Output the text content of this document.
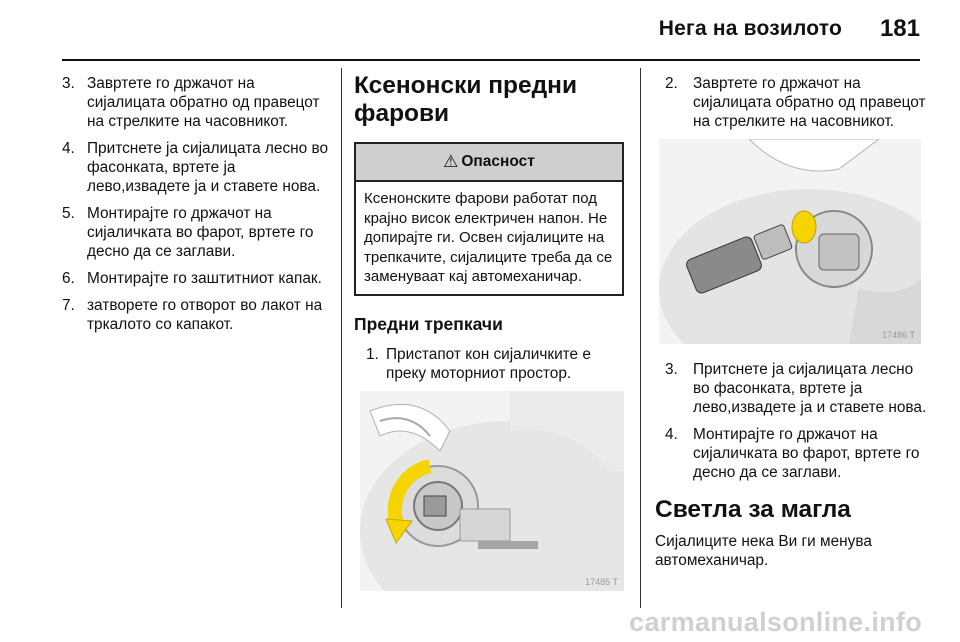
Нега на возилото 181
3. Завртете го држачот на сијалицата обратно од правецот на стрелките на часовникот.
4. Притснете ја сијалицата лесно во фасонката, вртете ја лево,извадете ја и ставете нова.
5. Монтирајте го држачот на сијаличката во фарот, вртете го десно да се заглави.
6. Монтирајте го заштитниот капак.
7. затворете го отворот во лакот на тркалото со капакот.
Ксенонски предни фарови
⚠ Опасност
Ксенонските фарови работат под крајно висок електричен напон. Не допирајте ги. Освен сијалиците на трепкачите, сијалиците треба да се заменуваат кај автомеханичар.
Предни трепкачи
1. Пристапот кон сијаличките е преку моторниот простор.
17485 T
2. Завртете го држачот на сијалицата обратно од правецот на стрелките на часовникот.
17486 T
3. Притснете ја сијалицата лесно во фасонката, вртете ја лево,извадете ја и ставете нова.
4. Монтирајте го држачот на сијаличката во фарот, вртете го десно да се заглави.
Светла за магла
Сијалиците нека Ви ги менува автомеханичар.
carmanualsonline.info
